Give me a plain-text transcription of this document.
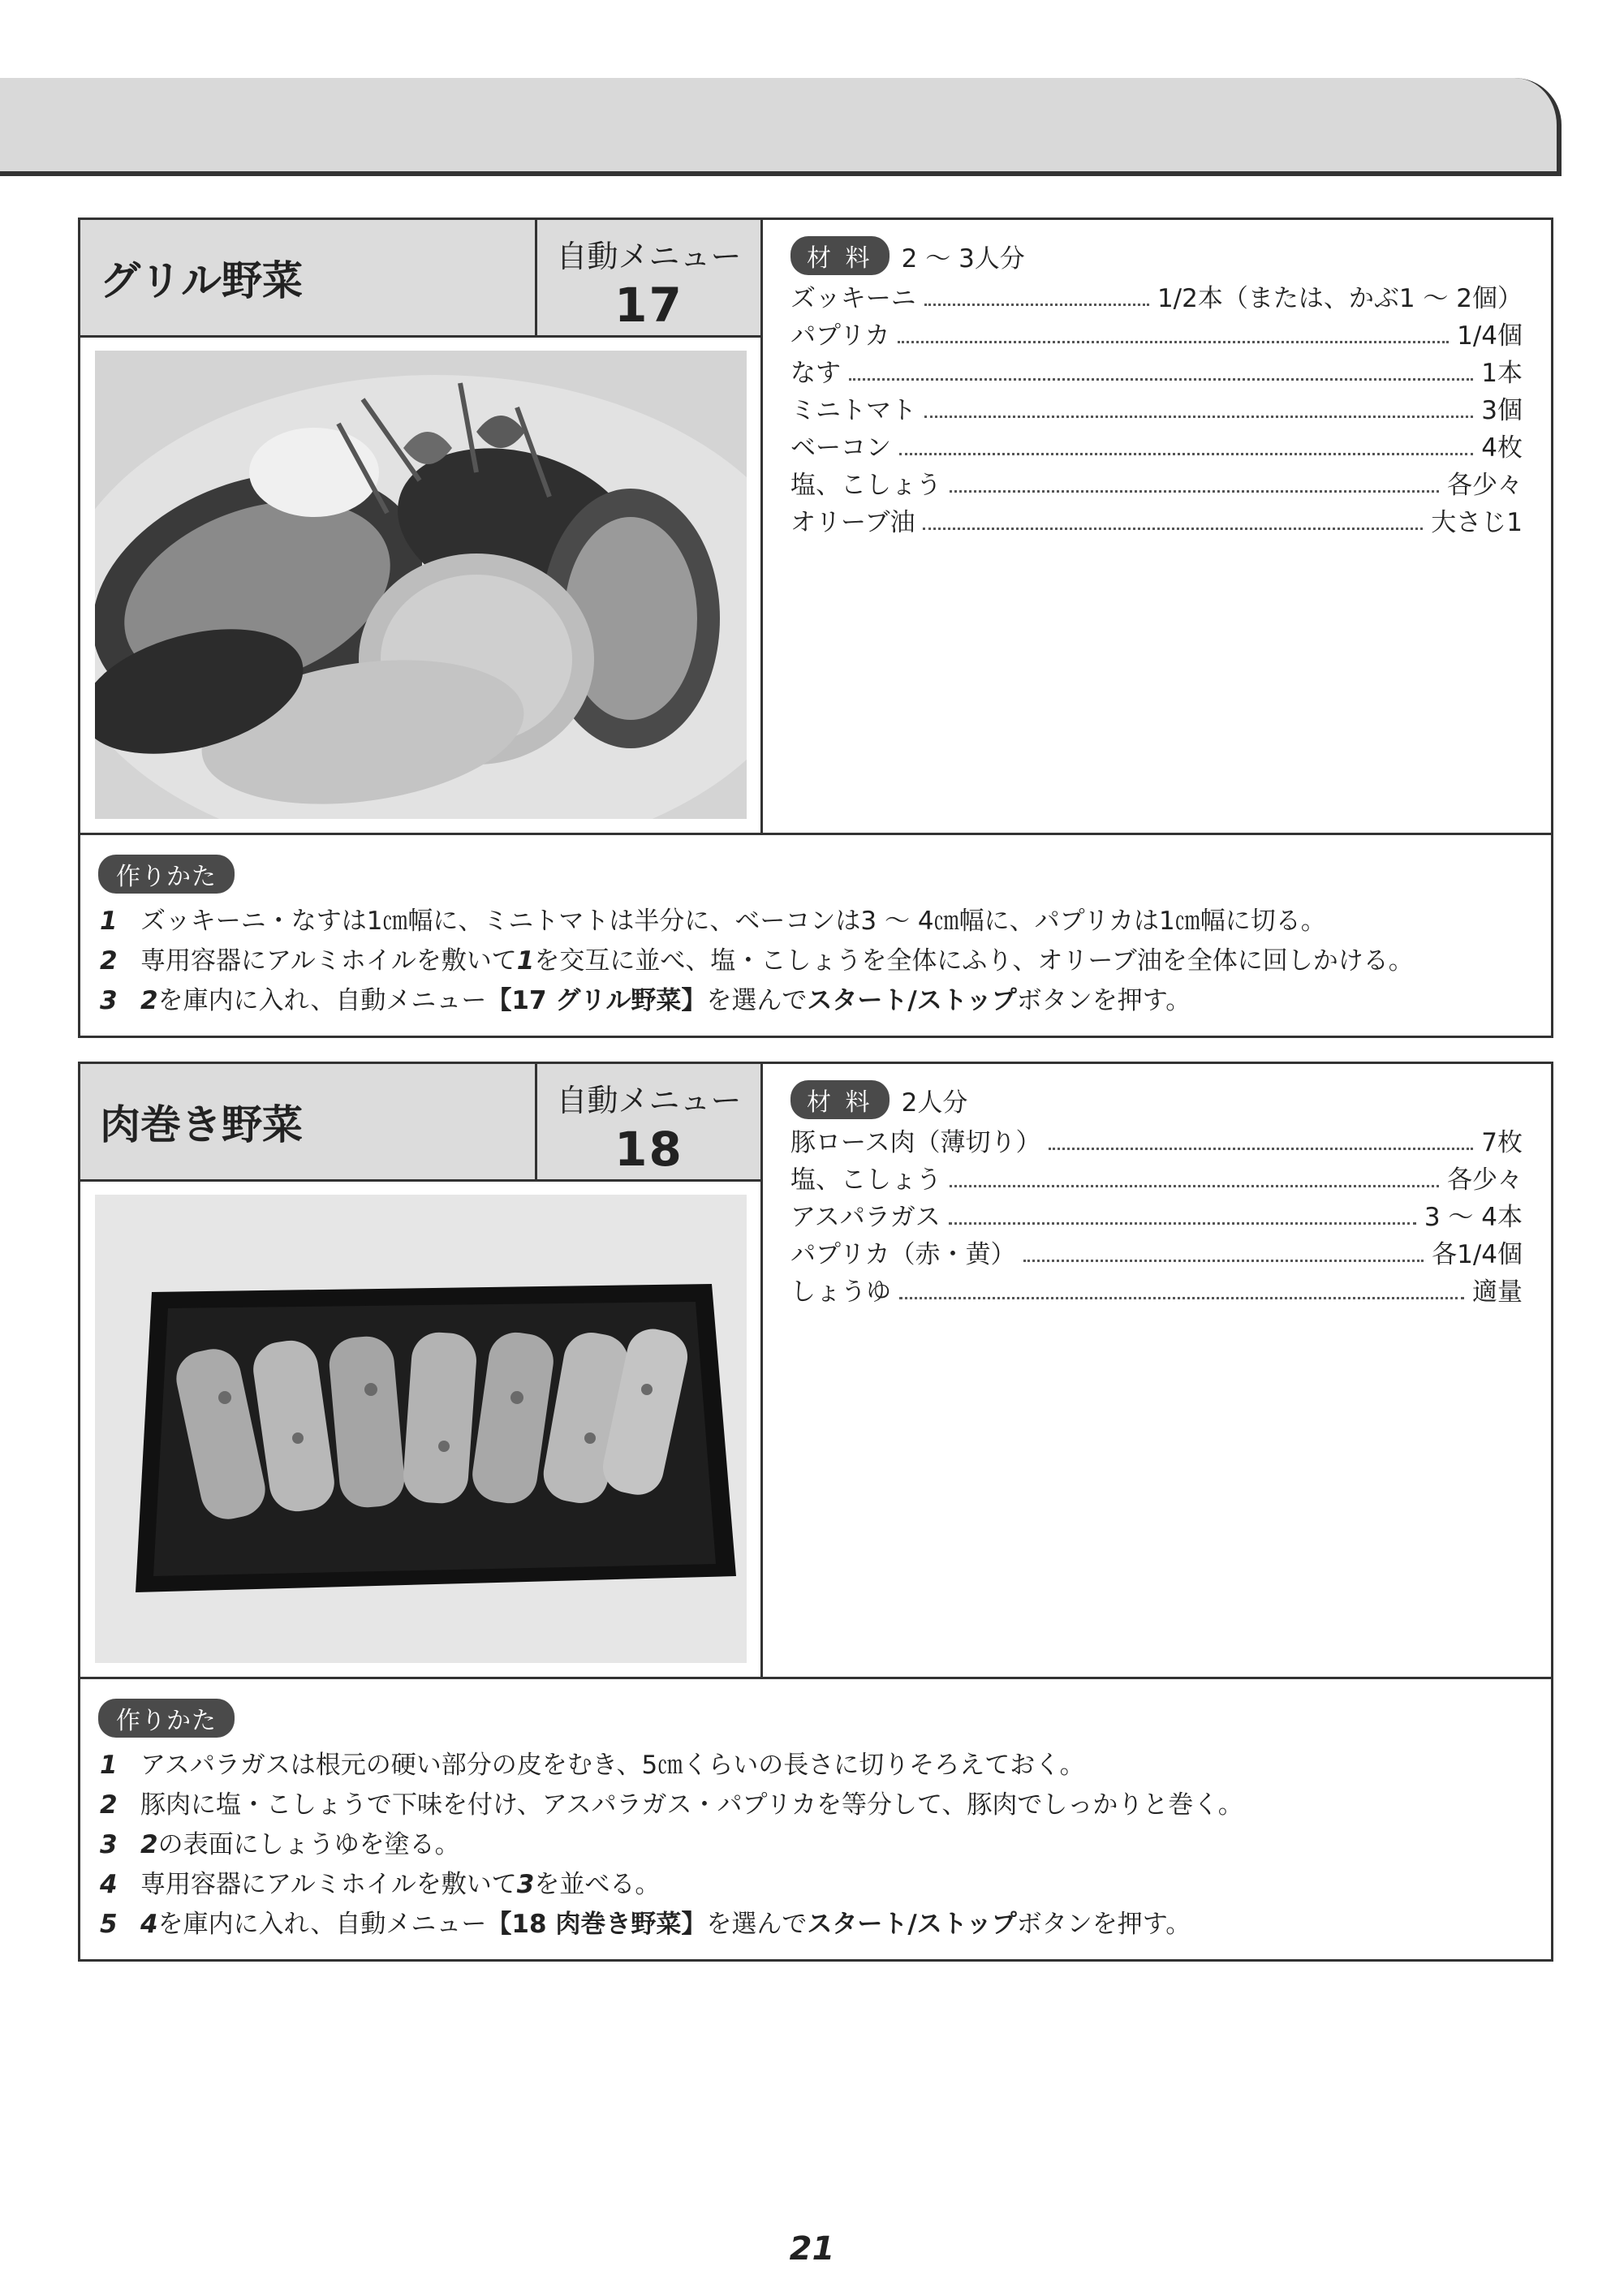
グリル野菜
自動メニュー
17
材 料 2 ～ 3人分
ズッキーニ	1/2本（または、かぶ1 ～ 2個）
パプリカ	1/4個
なす	1本
ミニトマト	3個
ベーコン	4枚
塩、こしょう	各少々
オリーブ油	大さじ1
作りかた
1 ズッキーニ・なすは1㎝幅に、ミニトマトは半分に、ベーコンは3 ～ 4㎝幅に、パプリカは1㎝幅に切る。
2 専用容器にアルミホイルを敷いて1を交互に並べ、塩・こしょうを全体にふり、オリーブ油を全体に回しかける。
3 2を庫内に入れ、自動メニュー【17 グリル野菜】を選んでスタート/ストップボタンを押す。
肉巻き野菜
自動メニュー
18
材 料 2人分
豚ロース肉（薄切り）	7枚
塩、こしょう	各少々
アスパラガス	3 ～ 4本
パプリカ（赤・黄）	各1/4個
しょうゆ	適量
作りかた
1 アスパラガスは根元の硬い部分の皮をむき、5㎝くらいの長さに切りそろえておく。
2 豚肉に塩・こしょうで下味を付け、アスパラガス・パプリカを等分して、豚肉でしっかりと巻く。
3 2の表面にしょうゆを塗る。
4 専用容器にアルミホイルを敷いて3を並べる。
5 4を庫内に入れ、自動メニュー【18 肉巻き野菜】を選んでスタート/ストップボタンを押す。
21
